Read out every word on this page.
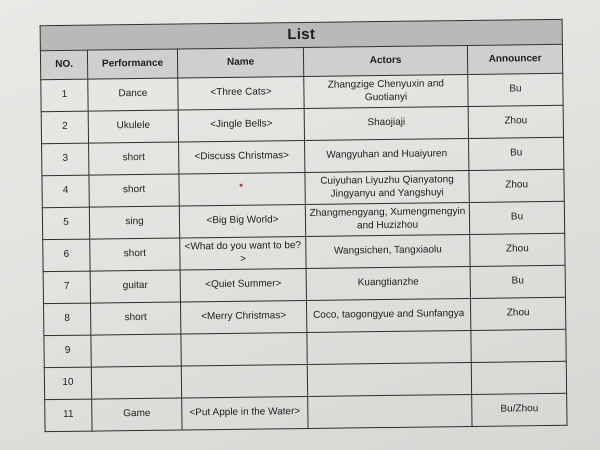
List				
NO.	Performance	Name	Actors	Announcer
1	Dance	<Three Cats>	Zhangzige Chenyuxin and Guotianyi	Bu
2	Ukulele	<Jingle Bells>	Shaojiaji	Zhou
3	short	<Discuss Christmas>	Wangyuhan and Huaiyuren	Bu
4	short		Cuiyuhan Liyuzhu Qianyatong Jingyanyu and Yangshuyi	Zhou
5	sing	<Big Big World>	Zhangmengyang, Xumengmengyin and Huzizhou	Bu
6	short	<What do you want to be?>	Wangsichen, Tangxiaolu	Zhou
7	guitar	<Quiet Summer>	Kuangtianzhe	Bu
8	short	<Merry Christmas>	Coco, taogongyue and Sunfangya	Zhou
9				
10				
11	Game	<Put Apple in the Water>		Bu/Zhou
